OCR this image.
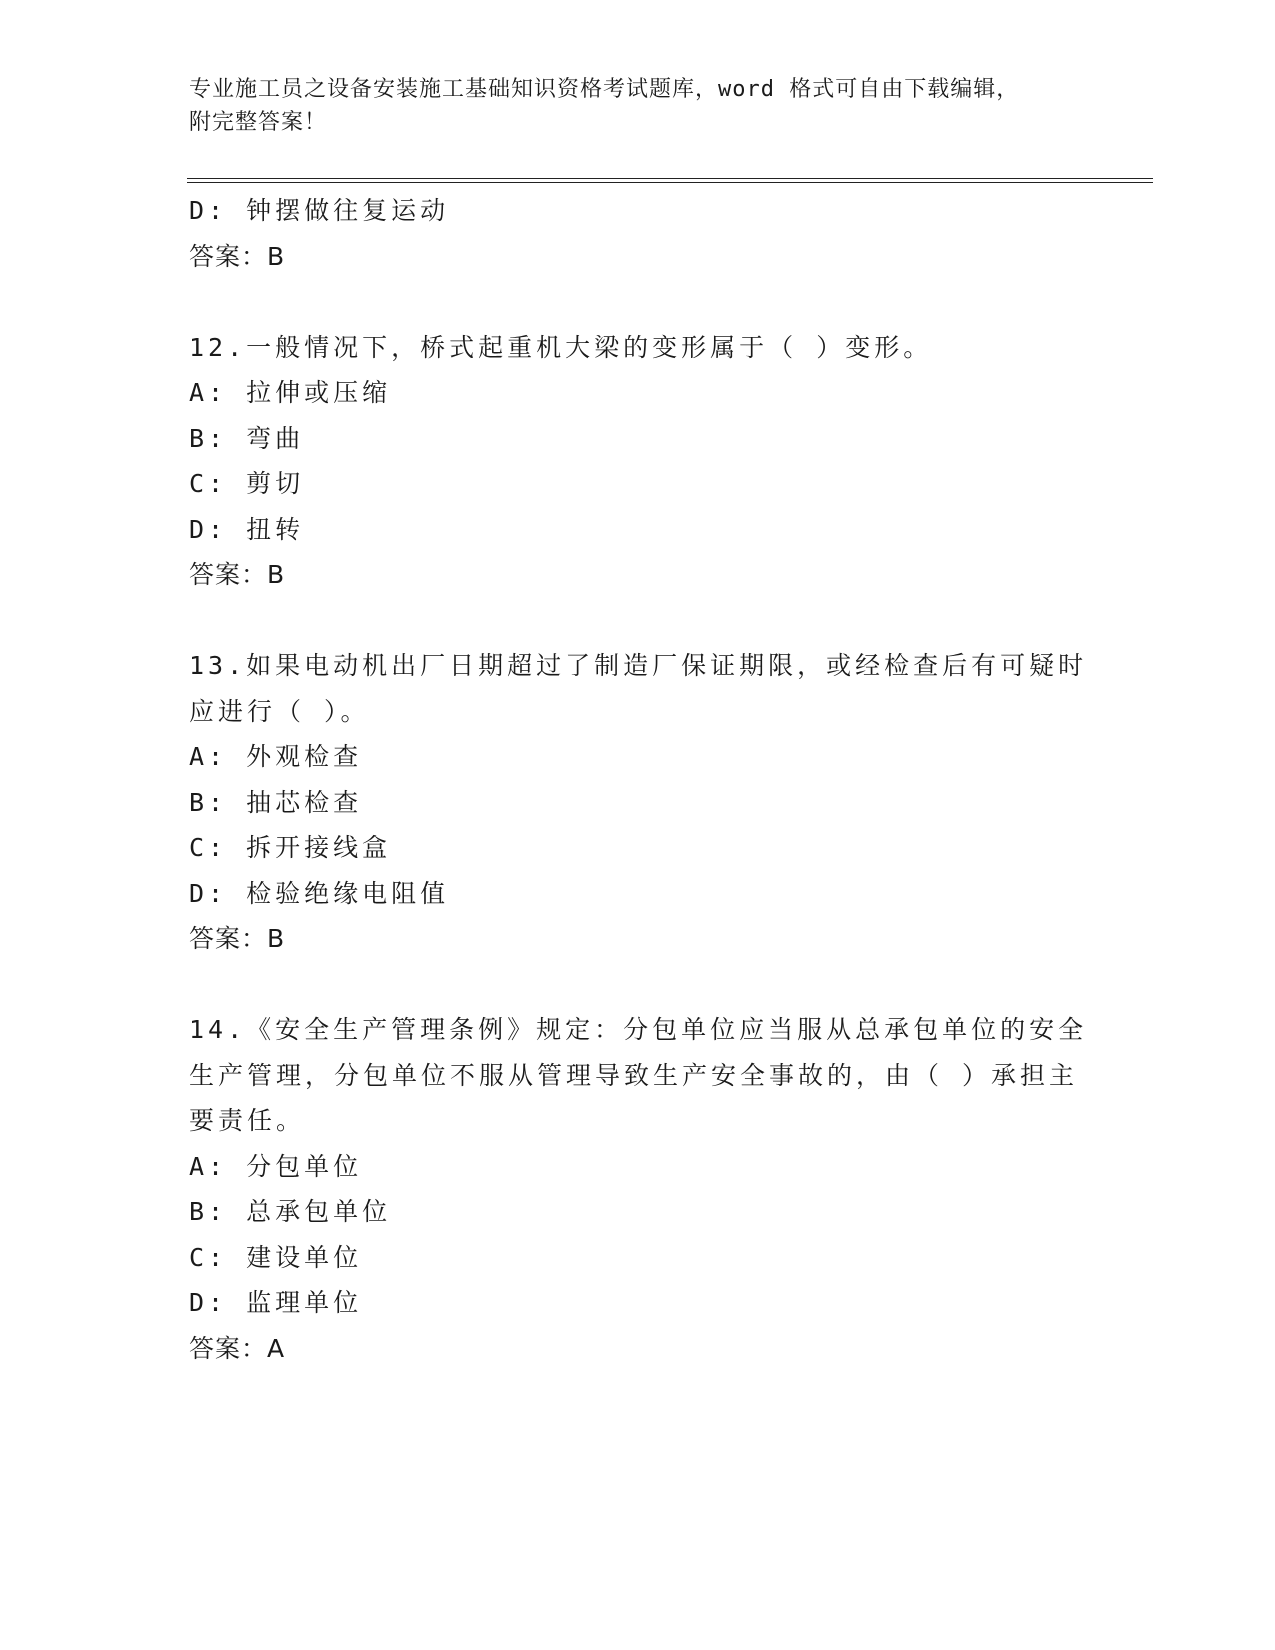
专业施工员之设备安装施工基础知识资格考试题库，word 格式可自由下载编辑，
附完整答案！
D: 钟摆做往复运动
答案：B
12.一般情况下，桥式起重机大梁的变形属于（ ）变形。
A: 拉伸或压缩
B: 弯曲
C: 剪切
D: 扭转
答案：B
13.如果电动机出厂日期超过了制造厂保证期限，或经检查后有可疑时
应进行（ ）。
A: 外观检查
B: 抽芯检查
C: 拆开接线盒
D: 检验绝缘电阻值
答案：B
14.《安全生产管理条例》规定：分包单位应当服从总承包单位的安全
生产管理，分包单位不服从管理导致生产安全事故的，由（ ）承担主
要责任。
A: 分包单位
B: 总承包单位
C: 建设单位
D: 监理单位
答案：A
